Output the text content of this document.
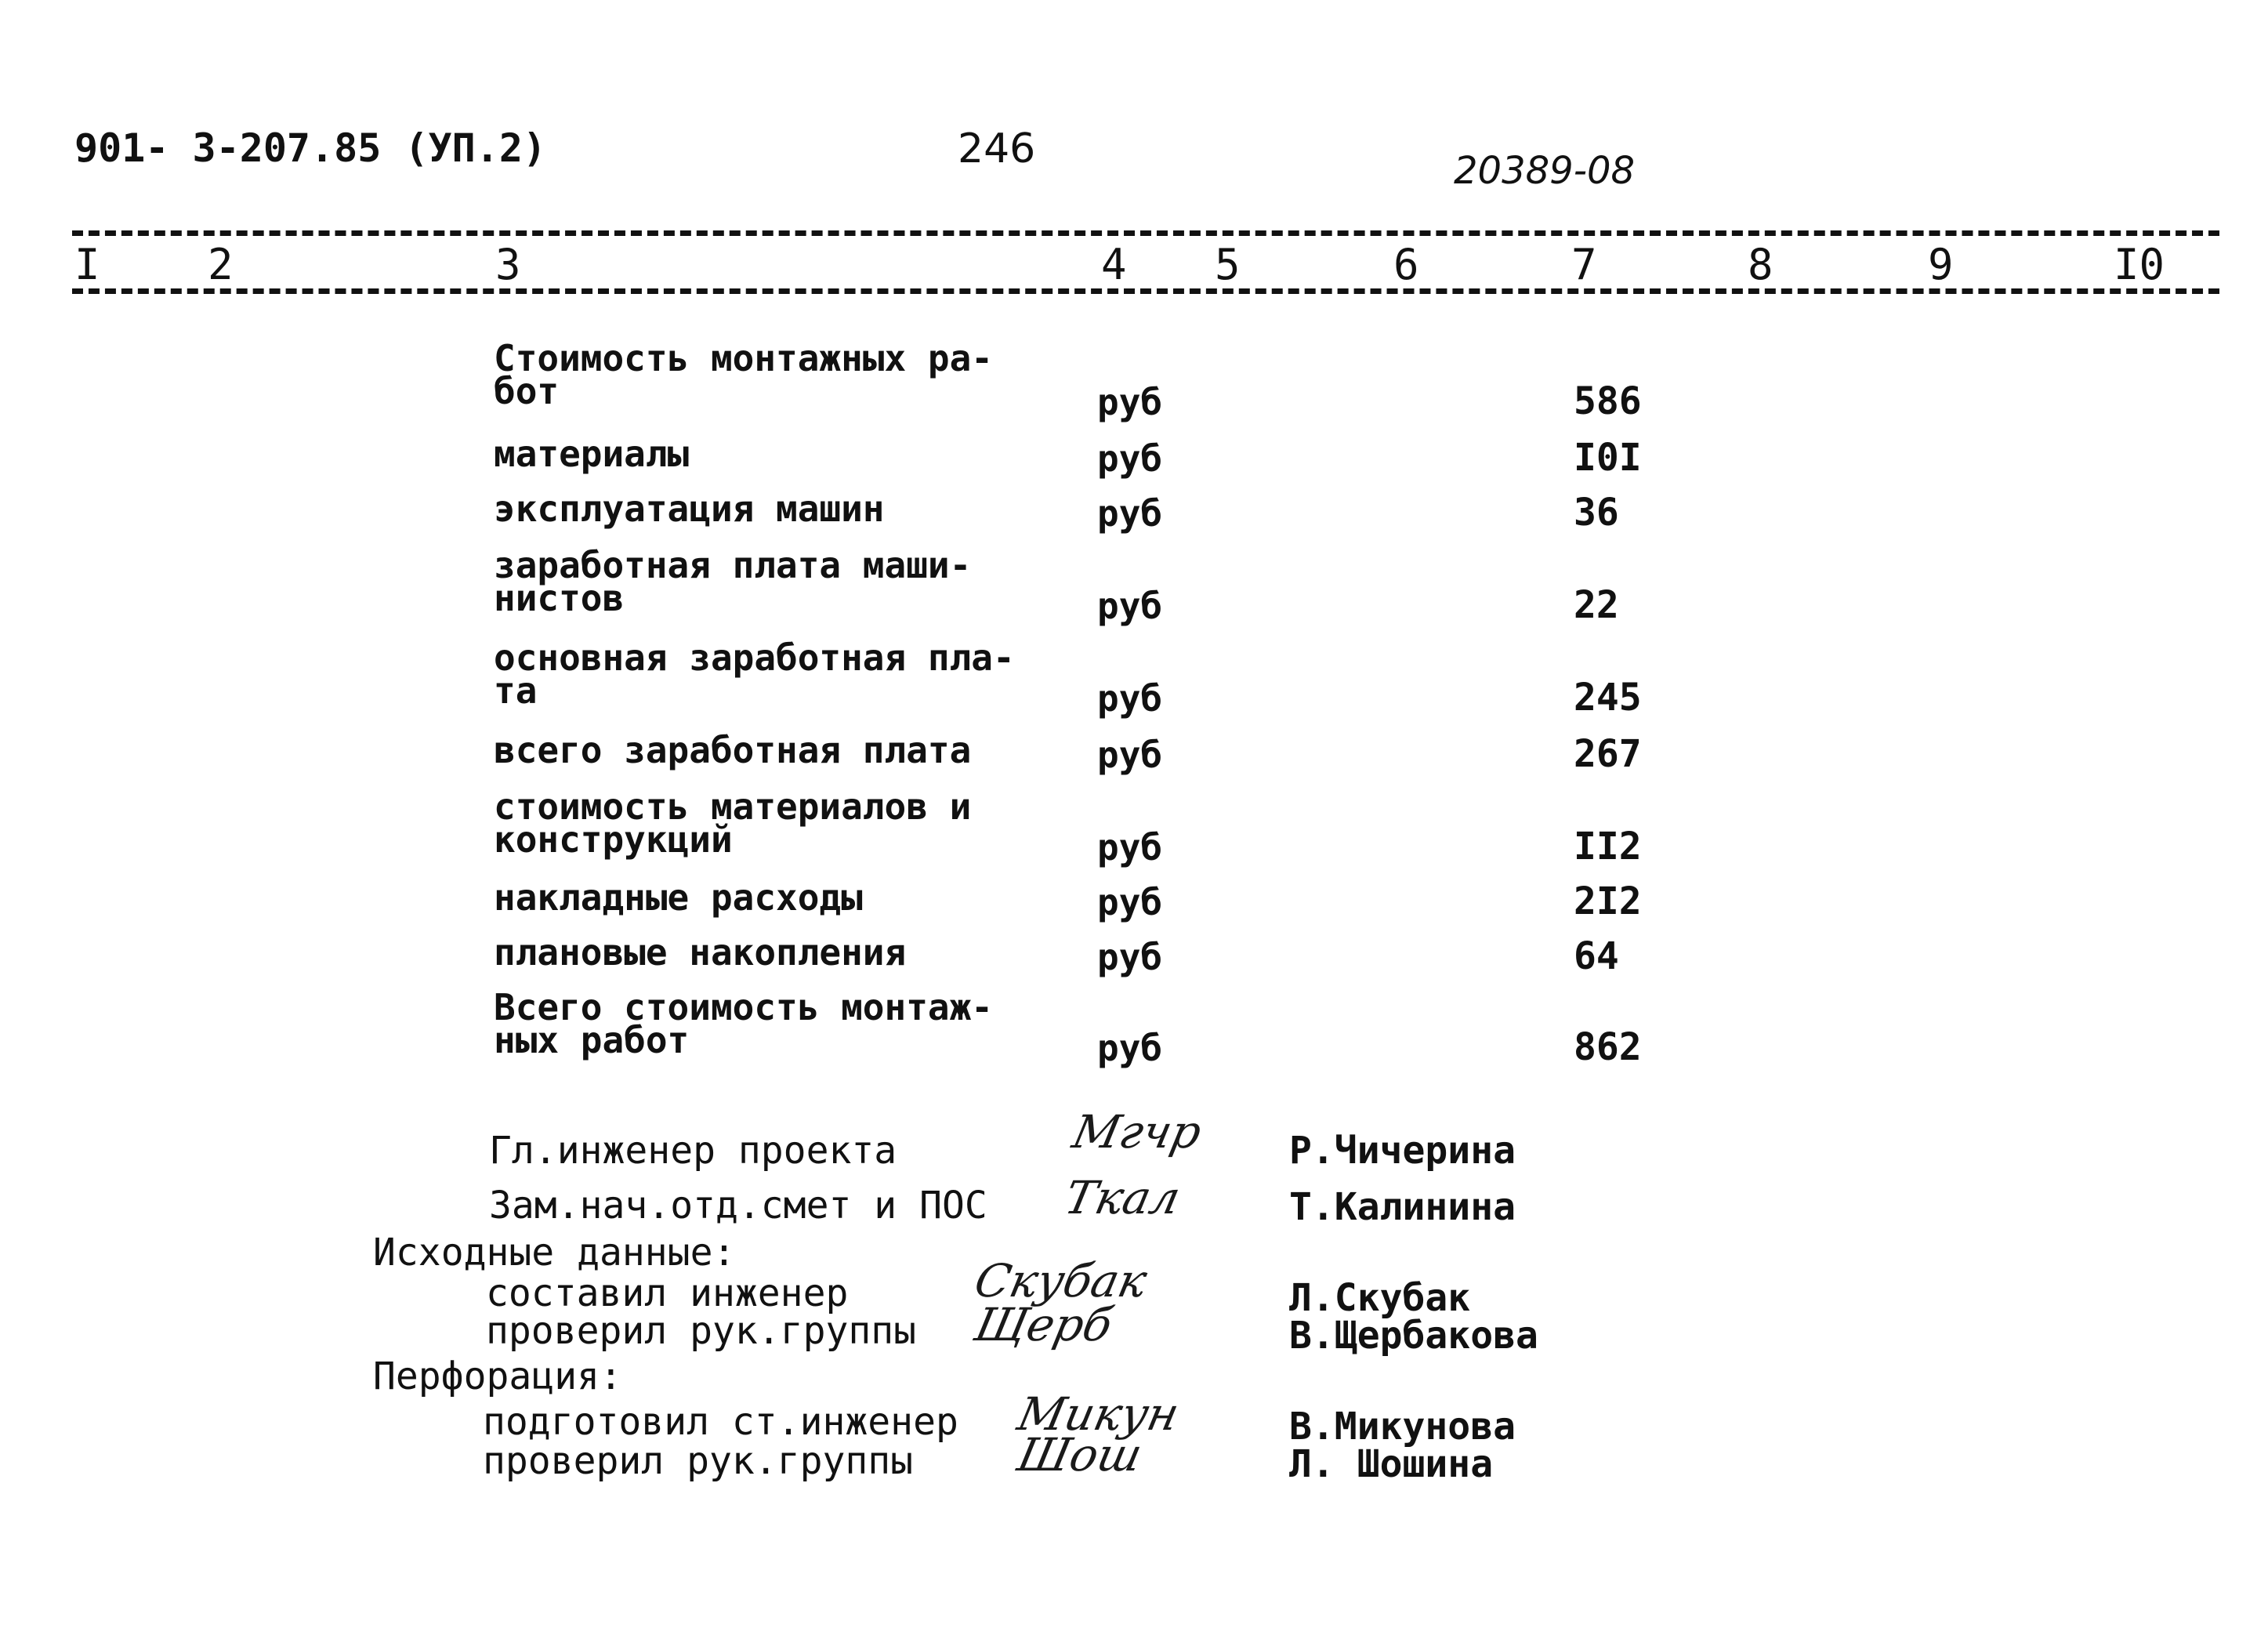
901- 3-207.85 (УП.2)	246	20389-08
I	2	3	4 5	6	7	8	9	I0
Стоимость монтажных ра-бот	руб	586
материалы	руб	I0I
эксплуатация машин	руб	36
заработная плата маши-нистов	руб	22
основная заработная пла-та	руб	245
всего заработная плата	руб	267
стоимость материалов и конструкций	руб	II2
накладные расходы	руб	2I2
плановые накопления	руб	64
Всего стоимость монтаж-ных работ	руб	862
Гл.инженер проекта	Мгчр Р.Чичерина
Зам.нач.отд.смет и ПОС Ткал	Т.Калинина
Исходные данные:
составил инженер	Скубак	Л.Скубак
проверил рук.группы Щерб	В.Щербакова
Перфорация:
подготовил ст.инженер Микун	В.Микунова
проверил рук.группы Шош	Л. Шошина
